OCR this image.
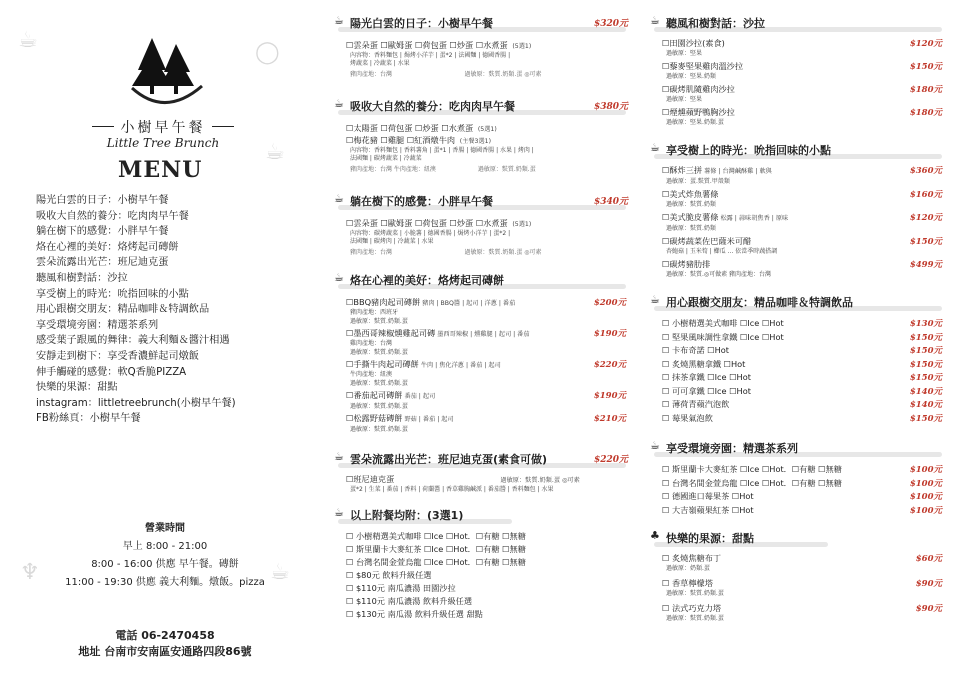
☕	◯
☕
♆	☕
小樹早午餐
Little Tree Brunch
MENU
陽光白雲的日子：小樹早午餐
吸收大自然的養分：吃肉肉早午餐
躺在樹下的感覺：小胖早午餐
烙在心裡的美好：烙烤起司磚餅
雲朵流露出光芒：班尼迪克蛋
聽風和樹對話：沙拉
享受樹上的時光：吮指回味的小點
用心跟樹交朋友：精品咖啡＆特調飲品
享受環境旁園：精選茶系列
感受葉子跟風的舞律：義大利麵＆醬汁相遇
安靜走到樹下：享受香濃鮮起司燉飯
伸手觸碰的感覺：軟Q香脆PIZZA
快樂的果源：甜點
instagram：littletreebrunch(小樹早午餐)
FB粉絲頁：小樹早午餐
營業時間
早上 8:00 - 21:00
8:00 - 16:00 供應 早午餐。磚餅
11:00 - 19:30 供應 義大利麵。燉飯。pizza
電話 06-2470458
地址 台南市安南區安通路四段86號
☕ 陽光白雲的日子：小樹早午餐	$320元
☐雲朵蛋 ☐歐姆蛋 ☐荷包蛋 ☐炒蛋 ☐水煮蛋 (5選1)
內容物：香料麵包 | 焗烤小洋芋 | 蛋*2 | 法國麵 | 德國香腸 |
烤蔬菜 | 冷蔬菜 | 水果
豬肉產地：台灣	過敏原：麩質.奶類.蛋 ◎可素
☕ 吸收大自然的養分：吃肉肉早午餐	$380元
☐太陽蛋 ☐荷包蛋 ☐炒蛋 ☐水煮蛋 (5選1)
☐梅花豬 ☐雞腿 ☐紅酒燉牛肉 (主餐3選1)
內容物：香料麵包 | 香料薯角 | 蛋*1 | 香腸 | 德國香腸 | 水果 | 烤肉 |
法國麵 | 碳烤蔬菜 | 冷蔬菜
豬肉產地：台灣 牛肉產地：紐澳	過敏原：麩質.奶類.蛋
☕ 躺在樹下的感覺：小胖早午餐	$340元
☐雲朵蛋 ☐歐姆蛋 ☐荷包蛋 ☐炒蛋 ☐水煮蛋 (5選1)
內容物：碳烤蔬菜 | 小脆薯 | 德國香腸 | 焗烤小洋芋 | 蛋*2 |
法國麵 | 碳烤肉 | 冷蔬菜 | 水果
豬肉產地：台灣	過敏原：麩質.奶類.蛋 ◎可素
☕ 烙在心裡的美好：烙烤起司磚餅
☐BBQ豬肉起司磚餅 豬肉 | BBQ醬 | 起司 | 洋蔥 | 番茄	$200元
豬肉產地：西班牙
過敏原：麩質.奶類.蛋
☐墨西哥辣椒燻雞起司磚 墨西哥辣椒 | 燻雞腿 | 起司 | 番茄	$190元
雞肉產地：台灣
過敏原：麩質.奶類.蛋
☐手撕牛肉起司磚餅 牛肉 | 焦化洋蔥 | 番茄 | 起司	$220元
牛肉產地：紐澳
過敏原：麩質.奶類.蛋
☐番茄起司磚餅 番茄 | 起司	$190元
過敏原：麩質.奶類.蛋
☐松露野菇磚餅 野菇 | 番茄 | 起司	$210元
過敏原：麩質.奶類.蛋
☕ 雲朵流露出光芒：班尼迪克蛋(素食可做)	$220元
☐班尼迪克蛋	過敏原：麩質.奶類.蛋 ◎可素
蛋*2 | 生菜 | 番茄 | 香料 | 荷蘭醬 | 香草雞胸鹹派 | 番茄醬 | 香料麵包 | 水果
☕ 以上附餐均附：(3選1)
☐ 小樹精選美式咖啡 ☐Ice ☐Hot．☐有糖 ☐無糖
☐ 斯里蘭卡大麥紅茶 ☐Ice ☐Hot．☐有糖 ☐無糖
☐ 台灣名間金萱烏龍 ☐Ice ☐Hot．☐有糖 ☐無糖
☐ $80元 飲料升級任選
☐ $110元 南瓜濃湯 田園沙拉
☐ $110元 南瓜濃湯 飲料升級任選
☐ $130元 南瓜湯 飲料升級任選 甜點
☕ 聽風和樹對話：沙拉
☐田園沙拉(素食)	$120元
過敏原：堅果
☐藜麥堅果雞肉溫沙拉	$150元
過敏原：堅果.奶類
☐碳烤肌隨雞肉沙拉	$180元
過敏原：堅果
☐煙燻蘋野鴨胸沙拉	$180元
過敏原：堅果.奶類.蛋
☕ 享受樹上的時光：吮指回味的小點
☐酥炸三拼 薯條 | 台灣鹹酥雞 | 軟與	$360元
過敏原：蛋.麩質.甲殼類
☐美式炸魚薯條	$160元
過敏原：麩質.奶類
☐美式脆皮薯條 松露 | 蒜味胡焦香 | 原味	$120元
過敏原：麩質.奶類
☐碳烤蔬菜佐巴薩米可醋	$150元
杏鮑菇 | 玉米筍 | 櫛瓜 ... 依當季時蔬搭調
☐碳烤豬肋排	$499元
過敏原：麩質.◎可做素 豬肉產地：台灣
☕ 用心跟樹交朋友：精品咖啡＆特調飲品
☐ 小樹精選美式咖啡 ☐Ice ☐Hot	$130元
☐ 堅果風味調性拿鐵 ☐Ice ☐Hot	$150元
☐ 卡布奇諾 ☐Hot	$150元
☐ 炙燒黑糖拿鐵 ☐Hot	$150元
☐ 抹茶拿鐵 ☐Ice ☐Hot	$150元
☐ 可可拿鐵 ☐Ice ☐Hot	$140元
☐ 薄荷青蘋汽泡飲	$140元
☐ 莓果氣泡飲	$150元
☕ 享受環境旁園：精選茶系列
☐ 斯里蘭卡大麥紅茶 ☐Ice ☐Hot．☐有糖 ☐無糖	$100元
☐ 台灣名間金萱烏龍 ☐Ice ☐Hot．☐有糖 ☐無糖	$100元
☐ 德國進口莓果茶 ☐Hot	$100元
☐ 大吉嶺蘋果紅茶 ☐Hot	$100元
♣ 快樂的果源：甜點
☐ 炙燒焦糖布丁	$60元
過敏原：奶類.蛋
☐ 香草檸檬塔	$90元
過敏原：麩質.奶類.蛋
☐ 法式巧克力塔	$90元
過敏原：麩質.奶類.蛋
